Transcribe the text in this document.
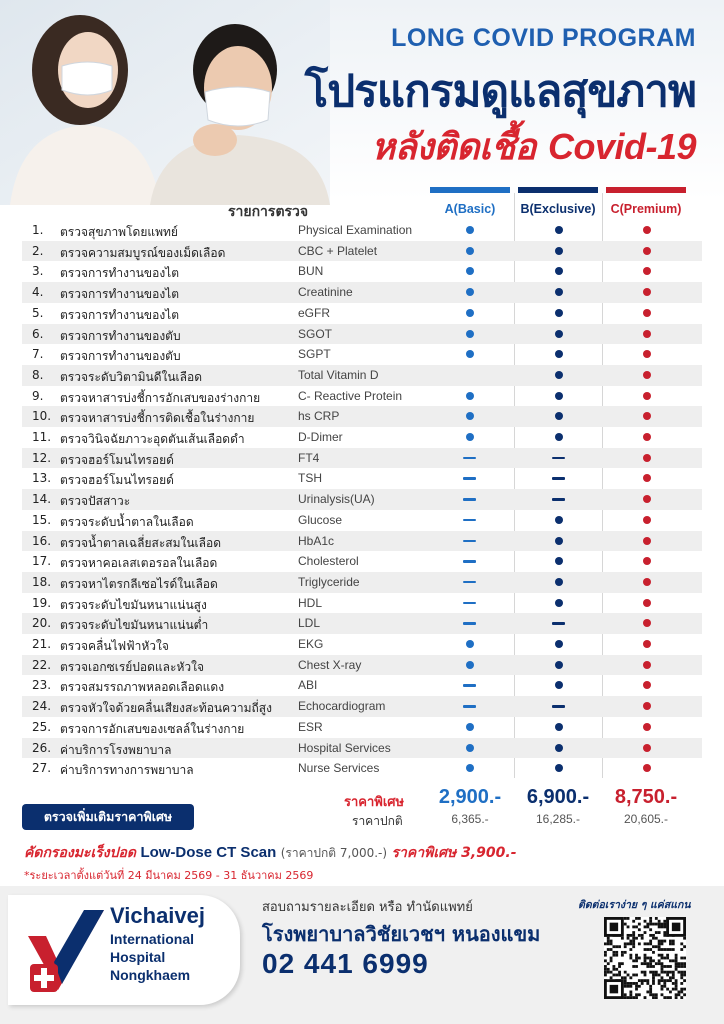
LONG COVID PROGRAM
โปรแกรมดูแลสุขภาพ
หลังติดเชื้อ Covid-19
รายการตรวจ	A(Basic)	B(Exclusive)	C(Premium)
1. ตรวจสุขภาพโดยแพทย์	Physical Examination
2. ตรวจความสมบูรณ์ของเม็ดเลือด	CBC + Platelet
3. ตรวจการทำงานของไต	BUN
4. ตรวจการทำงานของไต	Creatinine
5. ตรวจการทำงานของไต	eGFR
6. ตรวจการทำงานของตับ	SGOT
7. ตรวจการทำงานของตับ	SGPT
8. ตรวจระดับวิตามินดีในเลือด	Total Vitamin D
9. ตรวจหาสารบ่งชี้การอักเสบของร่างกาย	C- Reactive Protein
10. ตรวจหาสารบ่งชี้การติดเชื้อในร่างกาย	hs CRP
11. ตรวจวินิจฉัยภาวะอุดตันเส้นเลือดดำ	D-Dimer
12. ตรวจฮอร์โมนไทรอยด์	FT4
13. ตรวจฮอร์โมนไทรอยด์	TSH
14. ตรวจปัสสาวะ	Urinalysis(UA)
15. ตรวจระดับน้ำตาลในเลือด	Glucose
16. ตรวจน้ำตาลเฉลี่ยสะสมในเลือด	HbA1c
17. ตรวจหาคอเลสเตอรอลในเลือด	Cholesterol
18. ตรวจหาไตรกลีเซอไรด์ในเลือด	Triglyceride
19. ตรวจระดับไขมันหนาแน่นสูง	HDL
20. ตรวจระดับไขมันหนาแน่นต่ำ	LDL
21. ตรวจคลื่นไฟฟ้าหัวใจ	EKG
22. ตรวจเอกซเรย์ปอดและหัวใจ	Chest X-ray
23. ตรวจสมรรถภาพหลอดเลือดแดง	ABI
24. ตรวจหัวใจด้วยคลื่นเสียงสะท้อนความถี่สูง Echocardiogram
25. ตรวจการอักเสบของเซลล์ในร่างกาย	ESR
26. ค่าบริการโรงพยาบาล	Hospital Services
27. ค่าบริการทางการพยาบาล	Nurse Services
ราคาพิเศษ
ราคาปกติ
2,900.-	6,900.-	8,750.-
6,365.-	16,285.-	20,605.-
ตรวจเพิ่มเติมราคาพิเศษ
คัดกรองมะเร็งปอด Low-Dose CT Scan (ราคาปกติ 7,000.-) ราคาพิเศษ 3,900.-
*ระยะเวลาตั้งแต่วันที่ 24 มีนาคม 2569 - 31 ธันวาคม 2569
Vichaivej
International
Hospital
Nongkhaem
สอบถามรายละเอียด หรือ ทำนัดแพทย์
โรงพยาบาลวิชัยเวชฯ หนองแขม
02 441 6999
ติดต่อเราง่าย ๆ แค่สแกน
